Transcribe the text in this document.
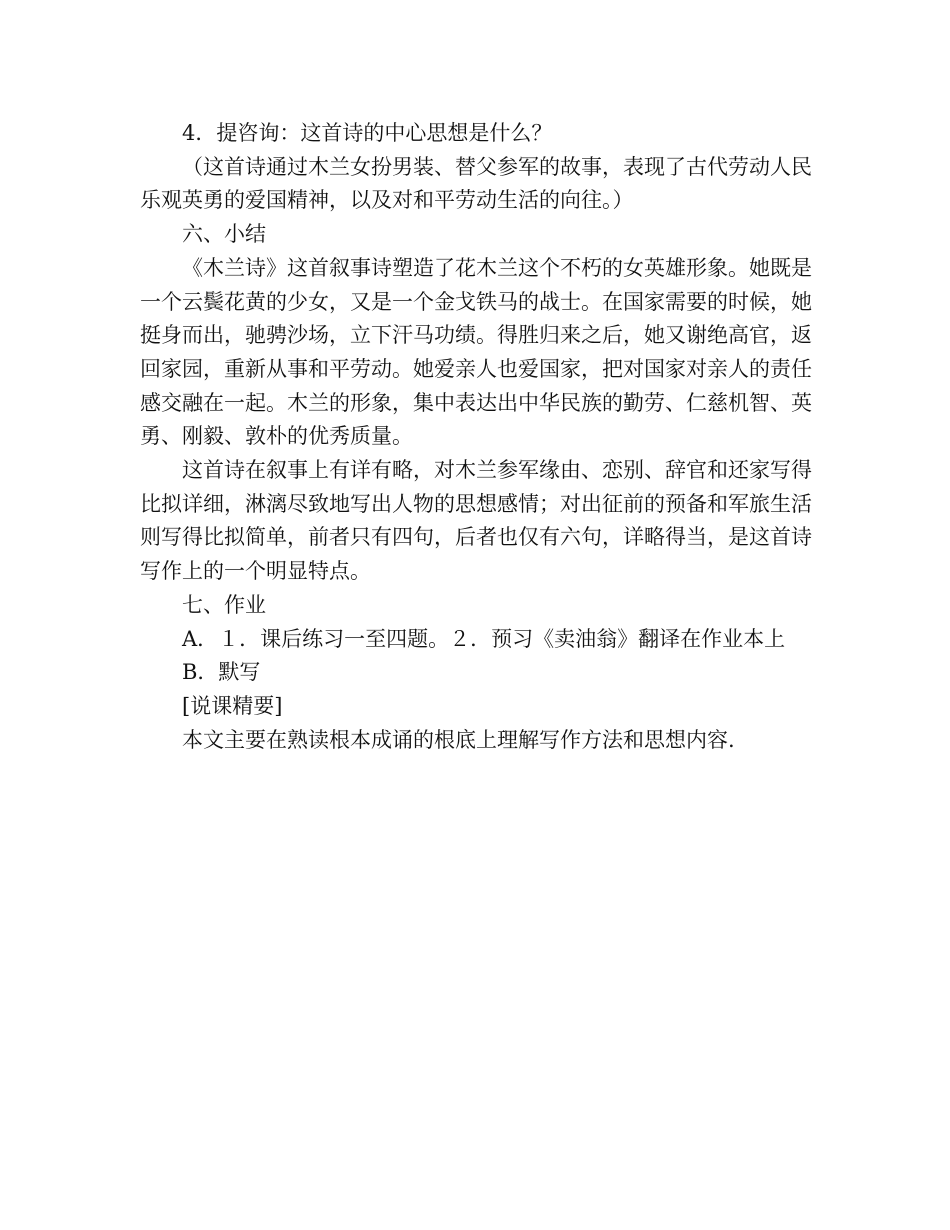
4．提咨询：这首诗的中心思想是什么？

（这首诗通过木兰女扮男装、替父参军的故事，表现了古代劳动人民乐观英勇的爱国精神，以及对和平劳动生活的向往。）

六、小结

《木兰诗》这首叙事诗塑造了花木兰这个不朽的女英雄形象。她既是一个云鬓花黄的少女，又是一个金戈铁马的战士。在国家需要的时候，她挺身而出，驰骋沙场，立下汗马功绩。得胜归来之后，她又谢绝高官，返回家园，重新从事和平劳动。她爱亲人也爱国家，把对国家对亲人的责任感交融在一起。木兰的形象，集中表达出中华民族的勤劳、仁慈机智、英勇、刚毅、敦朴的优秀质量。

这首诗在叙事上有详有略，对木兰参军缘由、恋别、辞官和还家写得比拟详细，淋漓尽致地写出人物的思想感情；对出征前的预备和军旅生活则写得比拟简单，前者只有四句，后者也仅有六句，详略得当，是这首诗写作上的一个明显特点。

七、作业

A．１．课后练习一至四题。２．预习《卖油翁》翻译在作业本上

B．默写

[说课精要]

本文主要在熟读根本成诵的根底上理解写作方法和思想内容.
